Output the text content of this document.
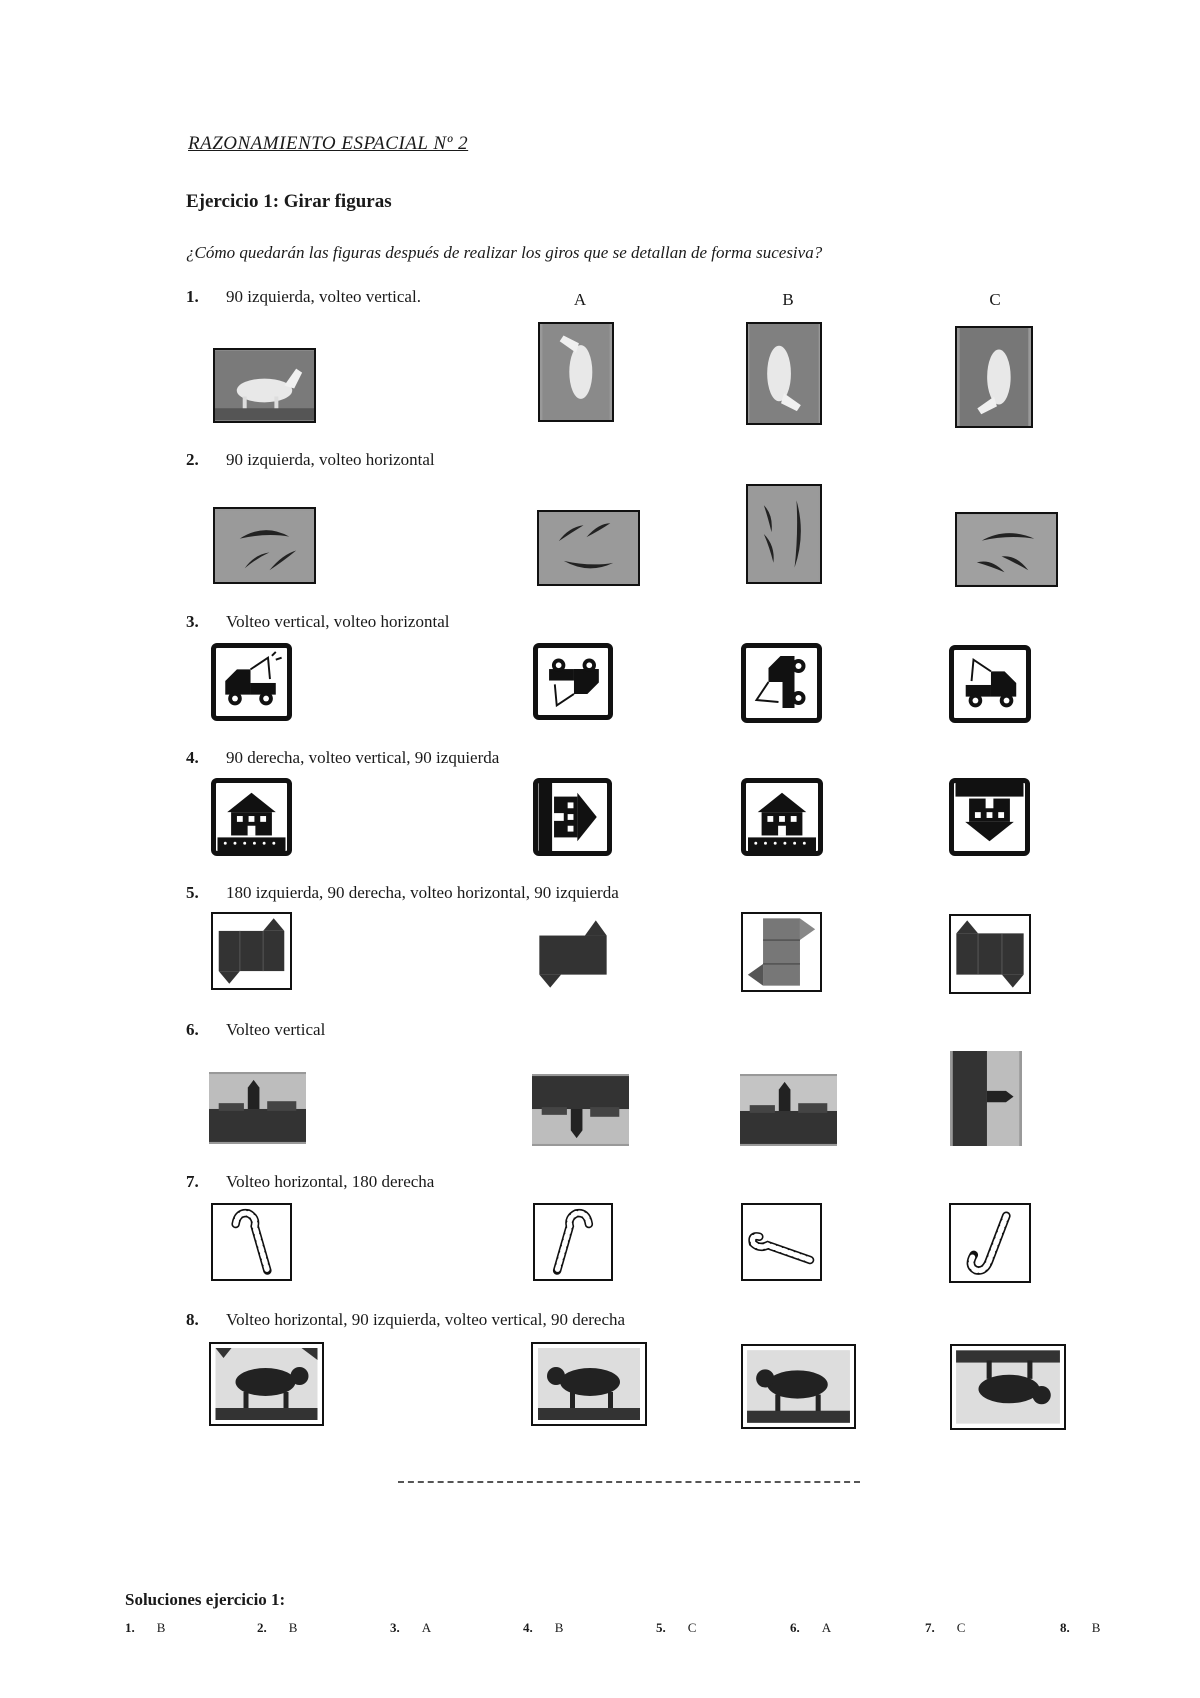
RAZONAMIENTO ESPACIAL Nº 2
Ejercicio 1: Girar figuras
¿Cómo quedarán las figuras después de realizar los giros que se detallan de forma sucesiva?
A	B	C
1. 90 izquierda, volteo vertical.
2. 90 izquierda, volteo horizontal
3. Volteo vertical, volteo horizontal
4. 90 derecha, volteo vertical, 90 izquierda
5. 180 izquierda, 90 derecha, volteo horizontal, 90 izquierda
6. Volteo vertical
7. Volteo horizontal, 180 derecha
8. Volteo horizontal, 90 izquierda, volteo vertical, 90 derecha
Soluciones ejercicio 1:
1. B	2. B	3. A	4. B	5. C	6. A	7. C	8. B
